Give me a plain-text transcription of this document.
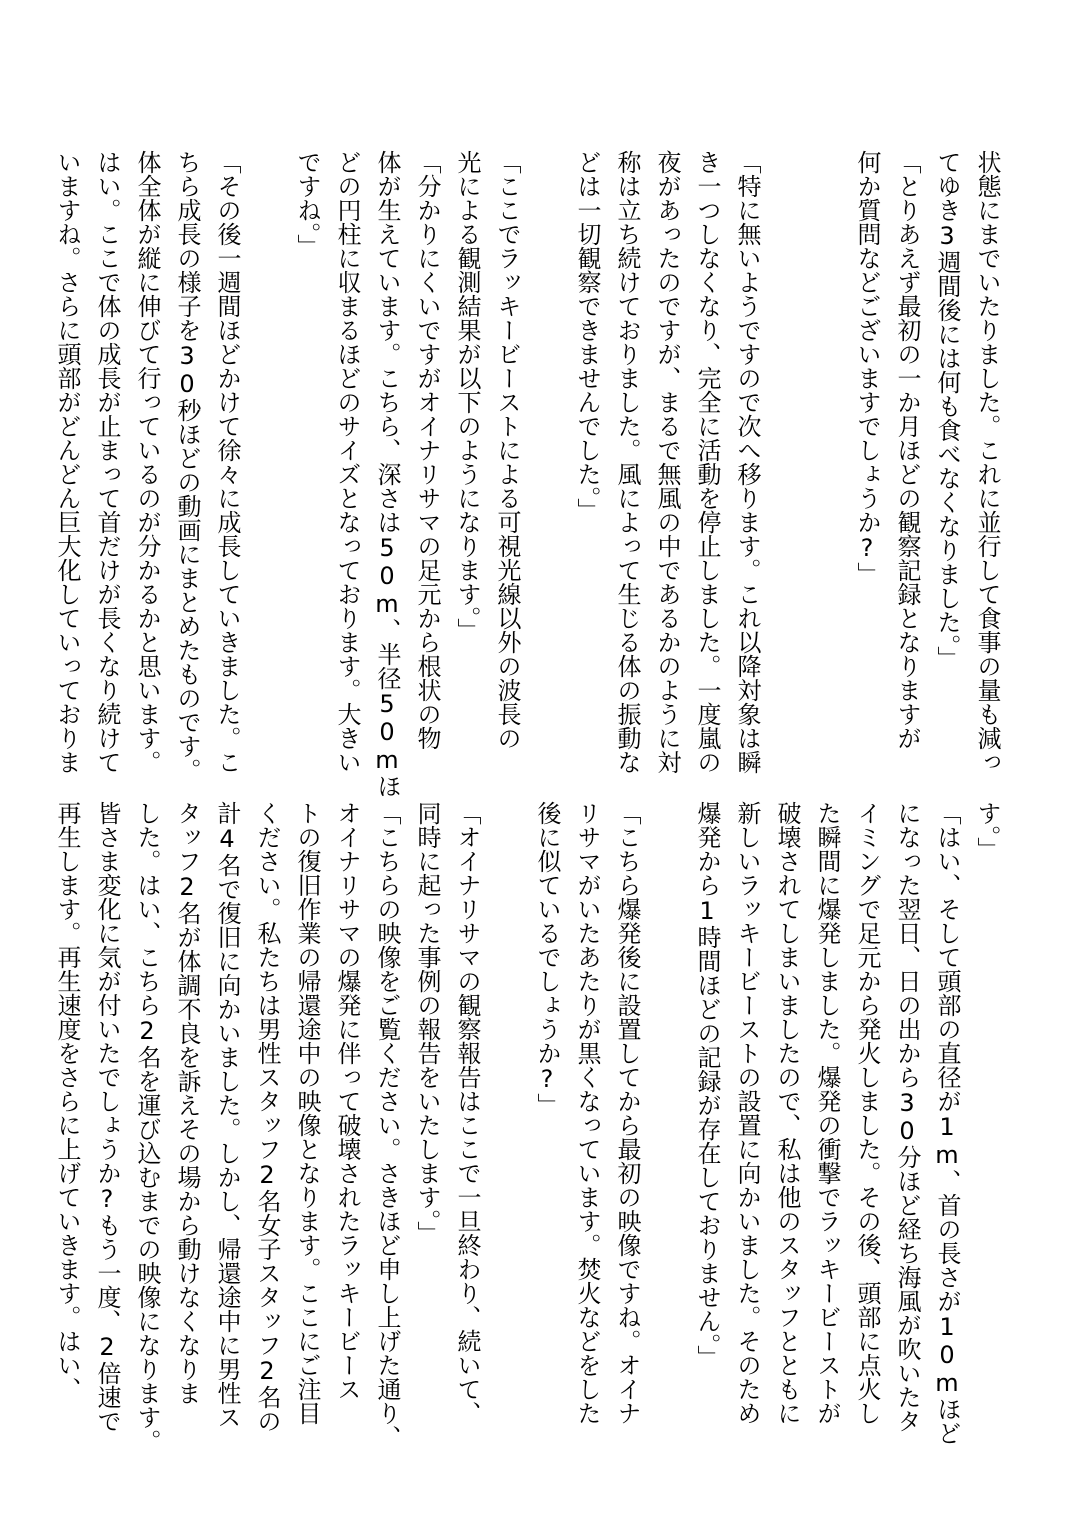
状態にまでいたりました。これに並行して食事の量も減っ
てゆき3週間後には何も食べなくなりました。」
「とりあえず最初の一か月ほどの観察記録となりますが
何か質問などございますでしょうか?」
「特に無いようですので次へ移ります。これ以降対象は瞬
き一つしなくなり、完全に活動を停止しました。一度嵐の
夜があったのですが、まるで無風の中であるかのように対
称は立ち続けておりました。風によって生じる体の振動な
どは一切観察できませんでした。」
「ここでラッキービーストによる可視光線以外の波長の
光による観測結果が以下のようになります。」
「分かりにくいですがオイナリサマの足元から根状の物
体が生えています。こちら、深さは50m、半径50mほ
どの円柱に収まるほどのサイズとなっております。大きい
ですね。」
「その後一週間ほどかけて徐々に成長していきました。こ
ちら成長の様子を30秒ほどの動画にまとめたものです。
体全体が縦に伸びて行っているのが分かるかと思います。
はい。ここで体の成長が止まって首だけが長くなり続けて
いますね。さらに頭部がどんどん巨大化していっておりま
す。」
「はい、そして頭部の直径が1m、首の長さが10mほど
になった翌日、日の出から30分ほど経ち海風が吹いたタ
イミングで足元から発火しました。その後、頭部に点火し
た瞬間に爆発しました。爆発の衝撃でラッキービーストが
破壊されてしまいましたので、私は他のスタッフとともに
新しいラッキービーストの設置に向かいました。そのため
爆発から1時間ほどの記録が存在しておりません。」
「こちら爆発後に設置してから最初の映像ですね。オイナ
リサマがいたあたりが黒くなっています。焚火などをした
後に似ているでしょうか?」
「オイナリサマの観察報告はここで一旦終わり、続いて、
同時に起った事例の報告をいたします。」
「こちらの映像をご覧ください。さきほど申し上げた通り、
オイナリサマの爆発に伴って破壊されたラッキービース
トの復旧作業の帰還途中の映像となります。ここにご注目
ください。私たちは男性スタッフ2名女子スタッフ2名の
計4名で復旧に向かいました。しかし、帰還途中に男性ス
タッフ2名が体調不良を訴えその場から動けなくなりま
した。はい、こちら2名を運び込むまでの映像になります。
皆さま変化に気が付いたでしょうか?もう一度、2倍速で
再生します。再生速度をさらに上げていきます。はい、
